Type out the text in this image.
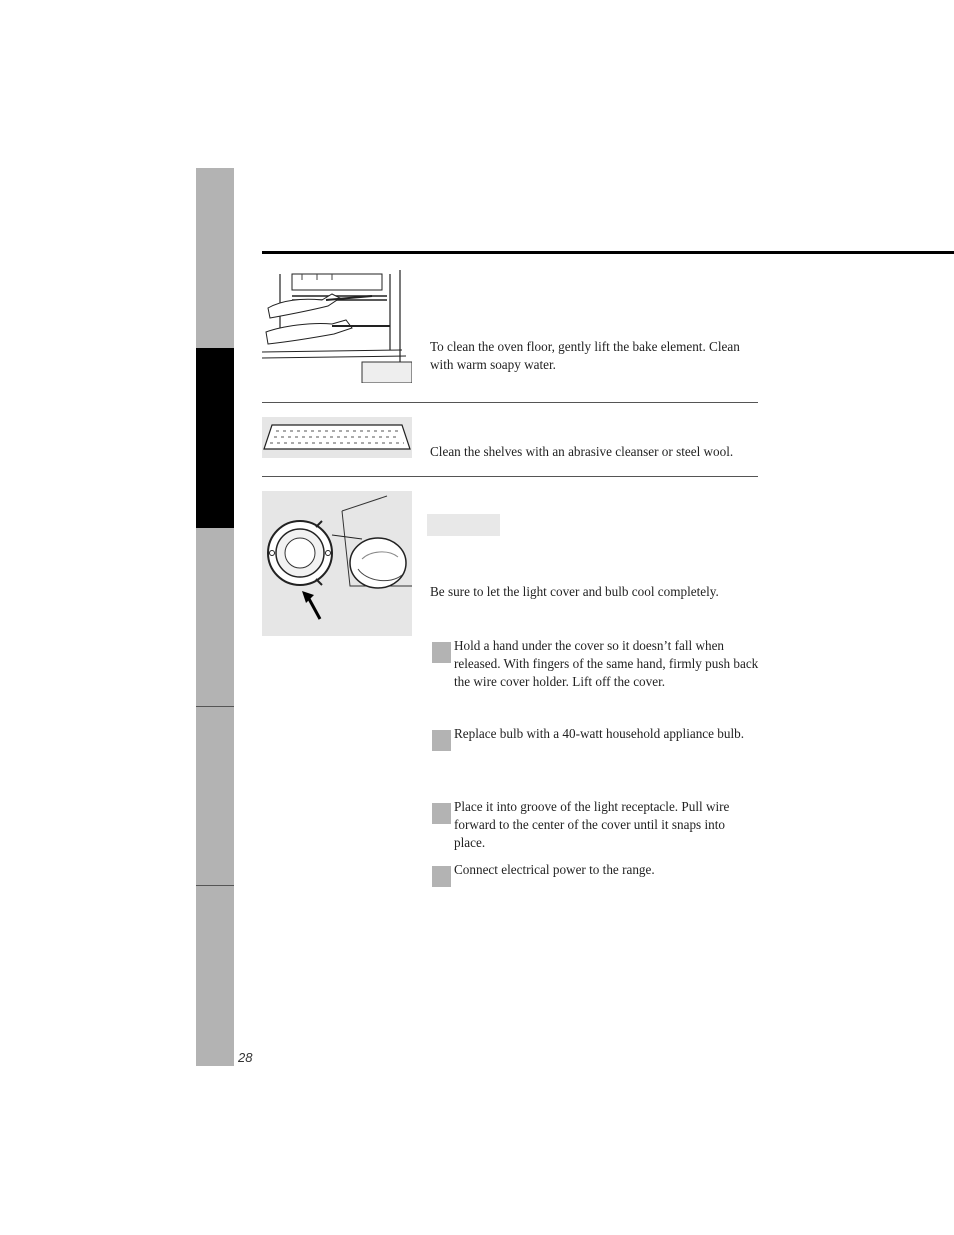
To clean the oven floor, gently lift the bake element. Clean with warm soapy water.

Clean the shelves with an abrasive cleanser or steel wool.

Be sure to let the light cover and bulb cool completely.

Hold a hand under the cover so it doesn’t fall when released. With fingers of the same hand, firmly push back the wire cover holder. Lift off the cover.

Replace bulb with a 40-watt household appliance bulb.

Place it into groove of the light receptacle. Pull wire forward to the center of the cover until it snaps into place.

Connect electrical power to the range.

28
